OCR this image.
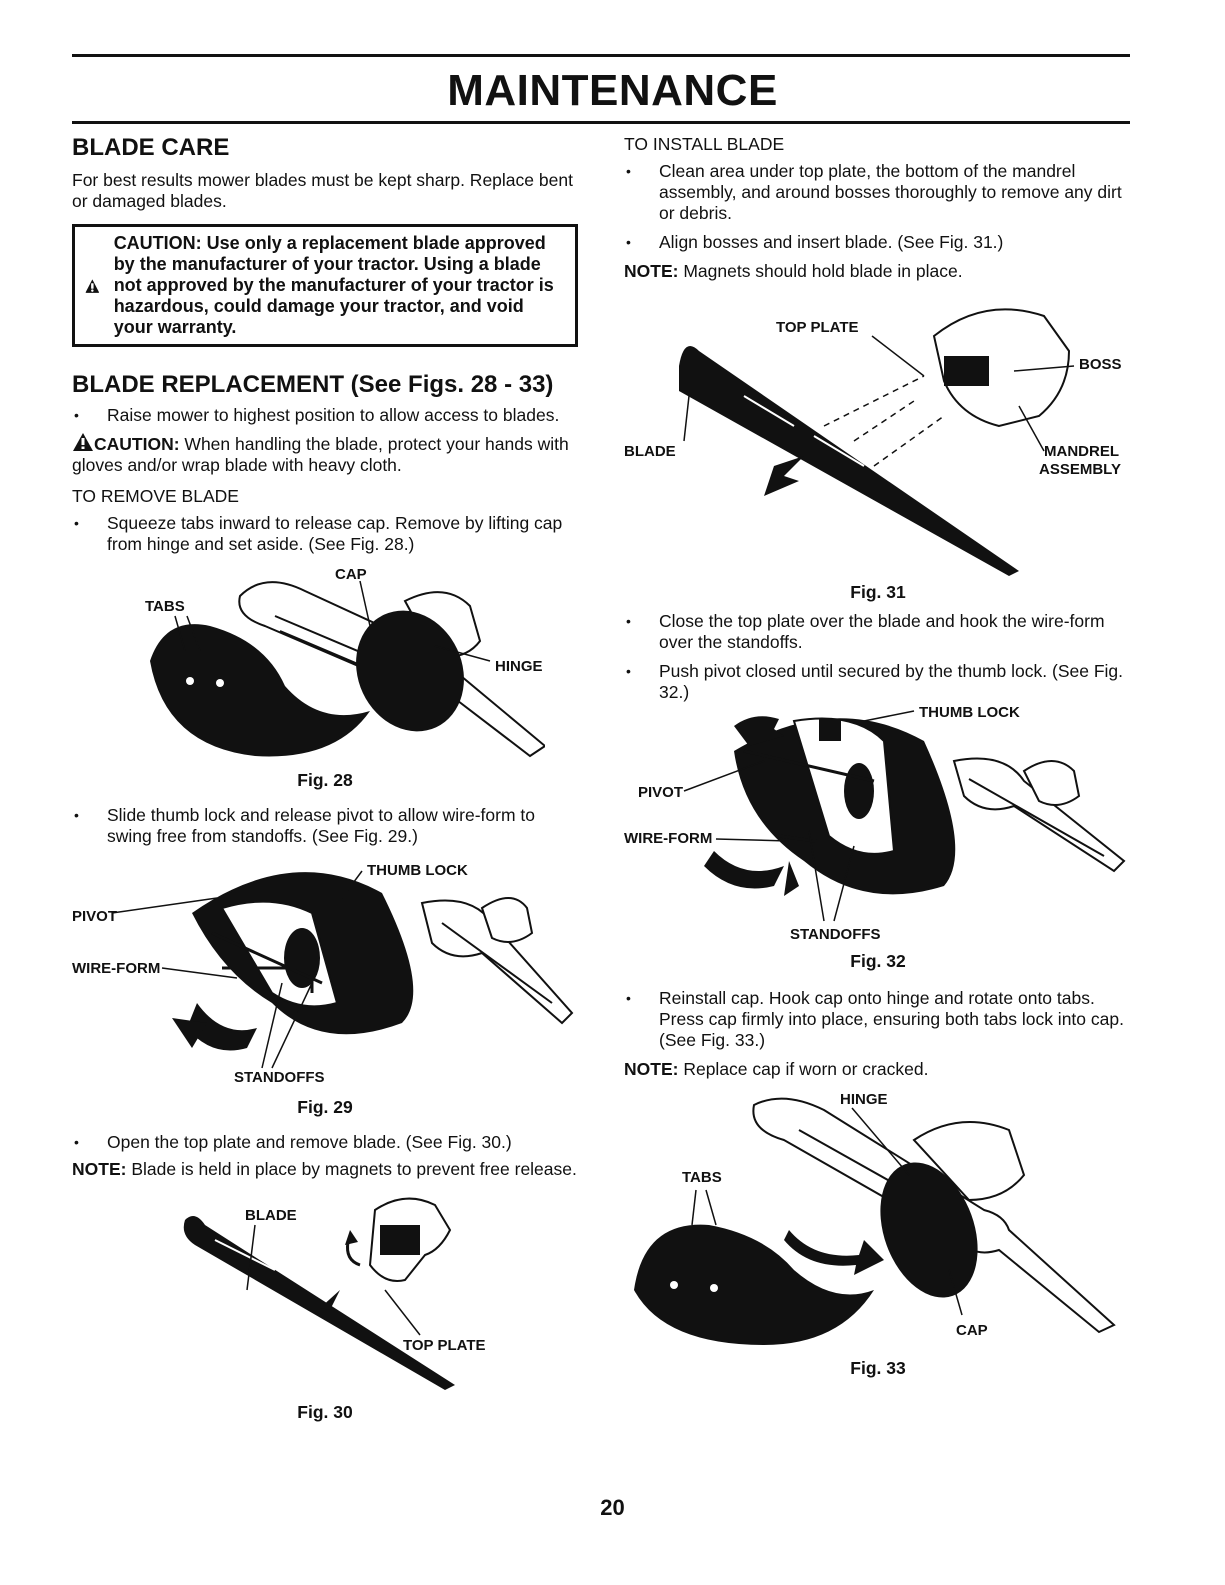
MAINTENANCE
BLADE CARE

For best results mower blades must be kept sharp. Replace bent or damaged blades.

CAUTION: Use only a replacement blade approved by the manufacturer of your tractor. Using a blade not approved by the manufacturer of your tractor is hazardous, could damage your tractor, and void your warranty.
BLADE REPLACEMENT (See Figs. 28 - 33)
• Raise mower to highest position to allow access to blades.

CAUTION: When handling the blade, protect your hands with gloves and/or wrap blade with heavy cloth.

TO REMOVE BLADE

• Squeeze tabs inward to release cap. Remove by lifting cap from hinge and set aside. (See Fig. 28.)
CAP
TABS
HINGE
Fig. 28
• Slide thumb lock and release pivot to allow wire-form to swing free from standoffs. (See Fig. 29.)
THUMB LOCK
PIVOT
WIRE-FORM
STANDOFFS
Fig. 29
• Open the top plate and remove blade. (See Fig. 30.)

NOTE: Blade is held in place by magnets to prevent free release.

BLADE
TOP PLATE
Fig. 30

TO INSTALL BLADE

• Clean area under top plate, the bottom of the mandrel assembly, and around bosses thoroughly to remove any dirt or debris.
• Align bosses and insert blade. (See Fig. 31.)

NOTE: Magnets should hold blade in place.

TOP PLATE
BOSS
BLADE	MANDREL
ASSEMBLY
Fig. 31
• Close the top plate over the blade and hook the wire-form over the standoffs.
• Push pivot closed until secured by the thumb lock. (See Fig. 32.)
THUMB LOCK
PIVOT
WIRE-FORM
STANDOFFS
Fig. 32
• Reinstall cap. Hook cap onto hinge and rotate onto tabs. Press cap firmly into place, ensuring both tabs lock into cap. (See Fig. 33.)

NOTE: Replace cap if worn or cracked.

HINGE
TABS
CAP
Fig. 33
20
